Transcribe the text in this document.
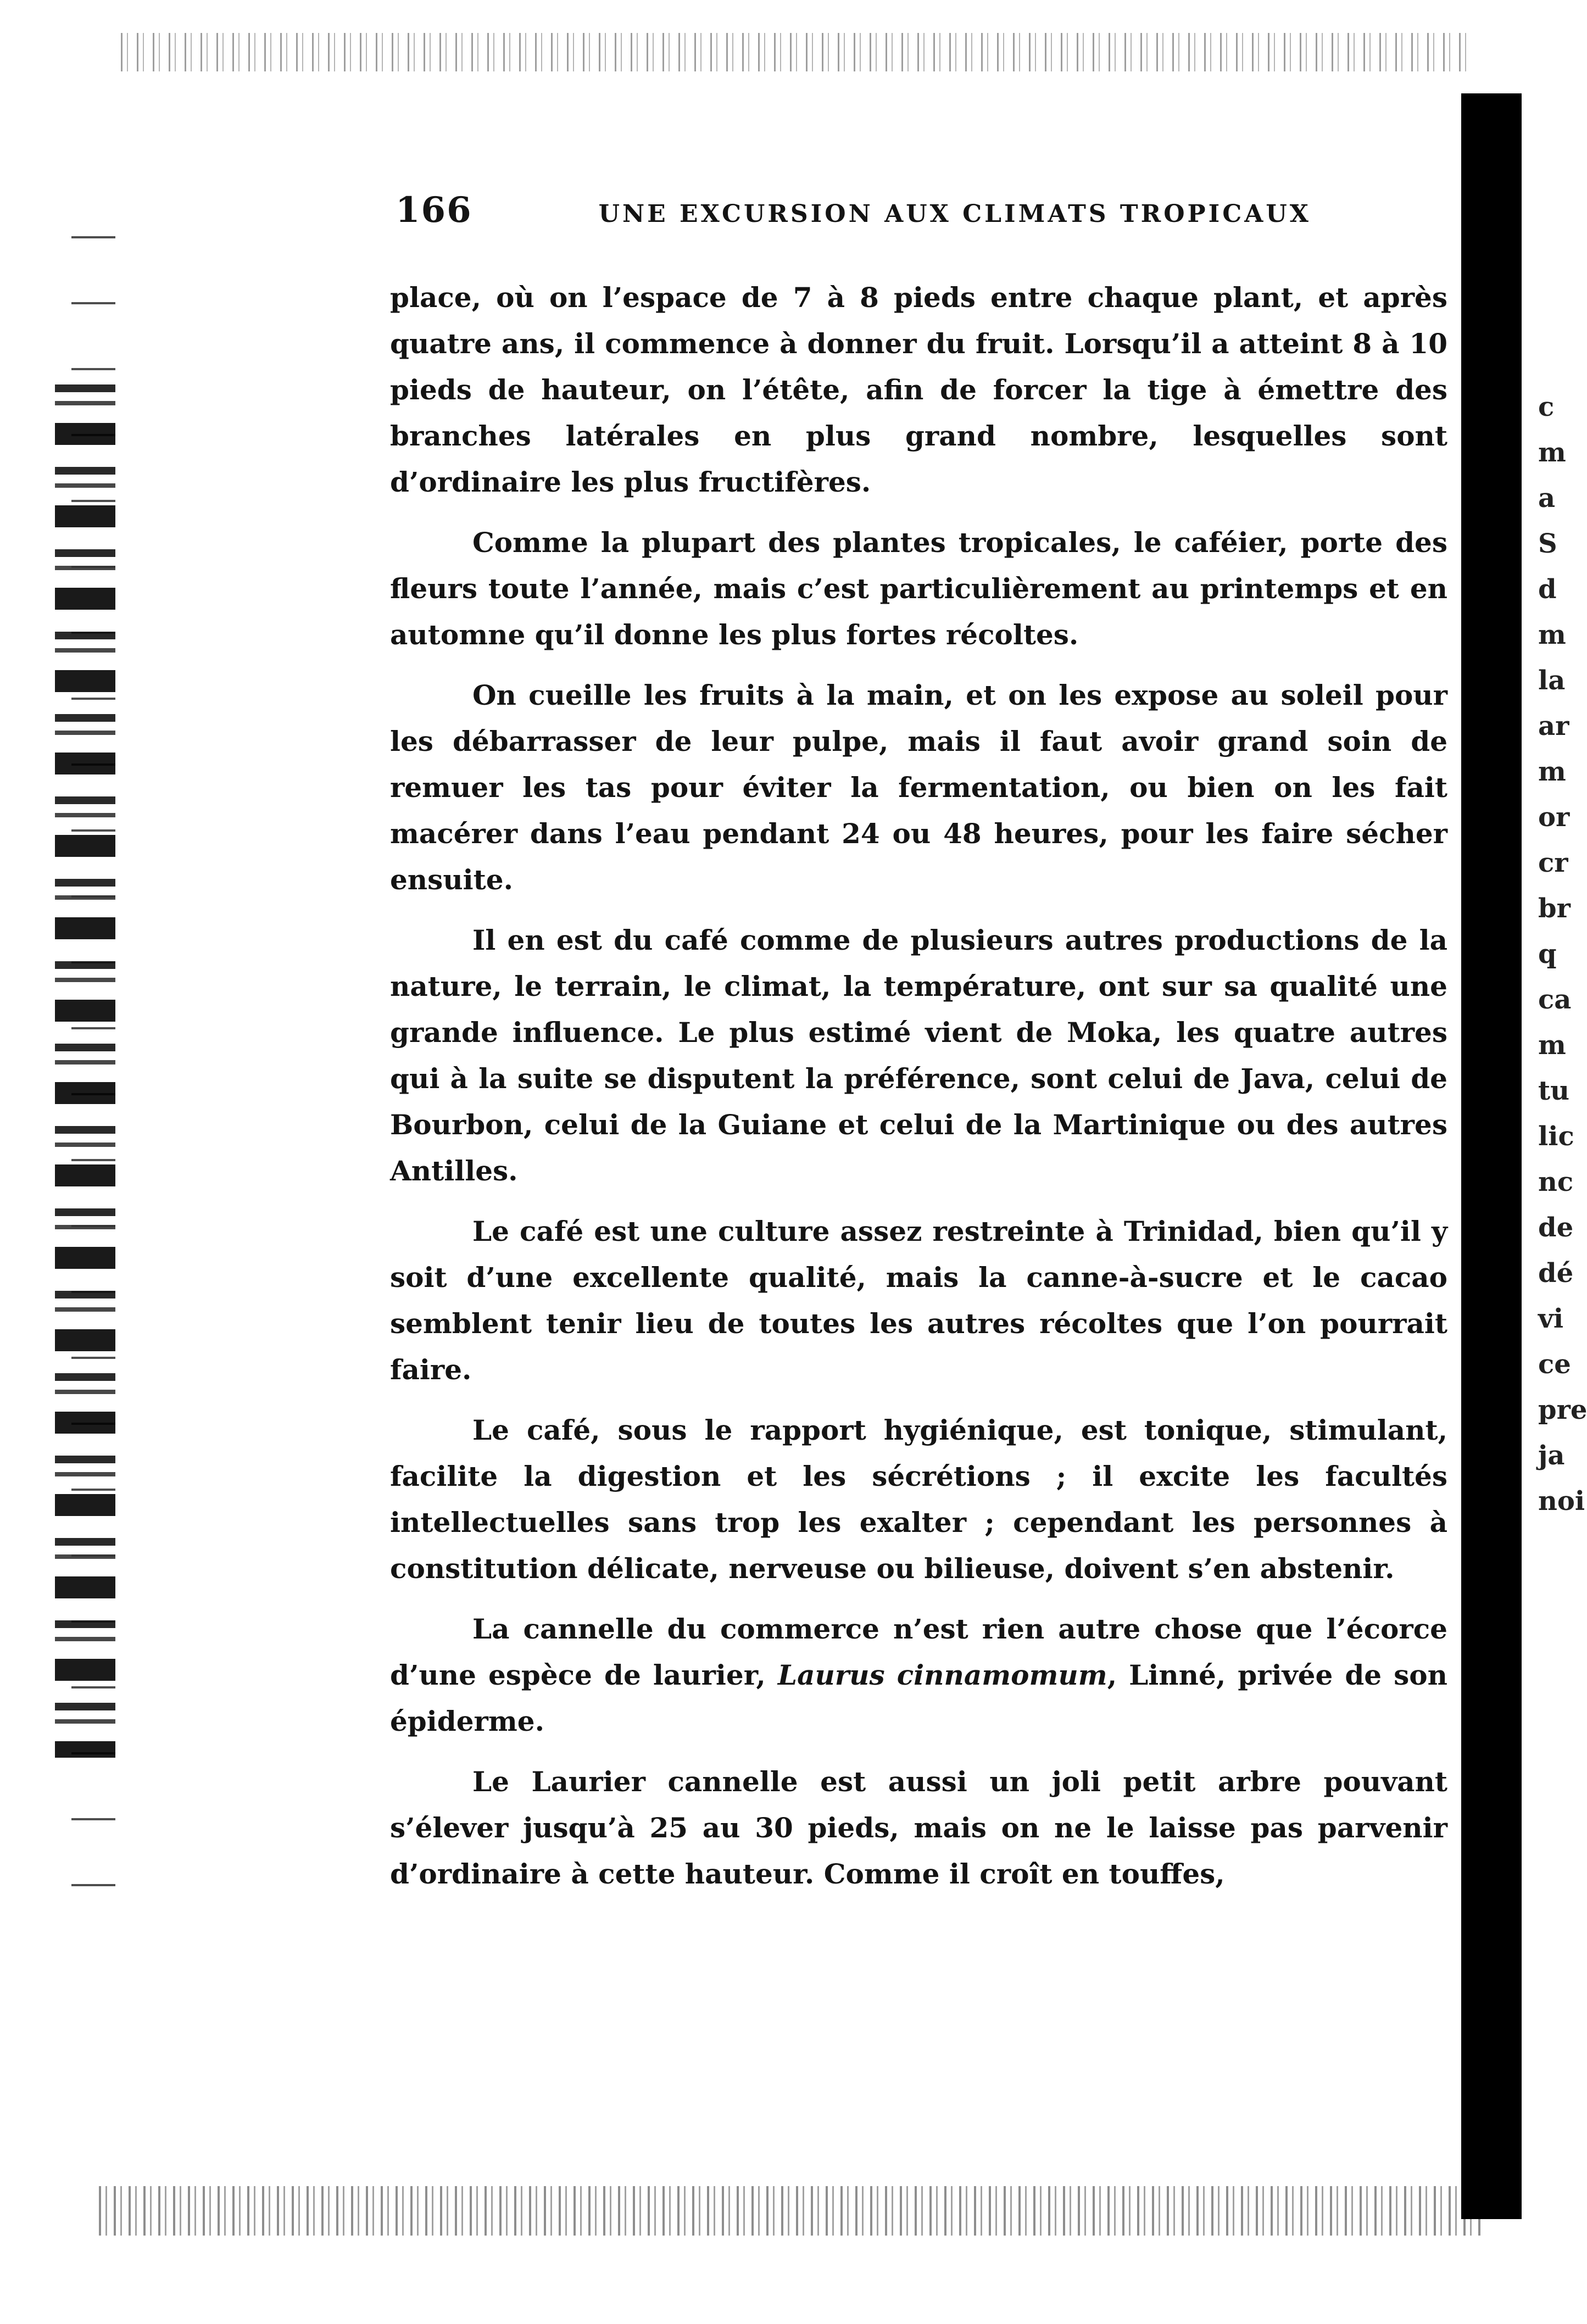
c
m
a
S
d
m
la
ar
m
or
cr
br
q
ca
m
tu
lic
nc
de
dé
vi
ce
pre
ja
noi
166	UNE EXCURSION AUX CLIMATS TROPICAUX

place, où on l’espace de 7 à 8 pieds entre chaque plant, et après quatre ans, il commence à donner du fruit. Lorsqu’il a atteint 8 à 10 pieds de hauteur, on l’étête, afin de forcer la tige à émettre des branches latérales en plus grand nombre, lesquelles sont d’ordinaire les plus fructifères.

Comme la plupart des plantes tropicales, le caféier, porte des fleurs toute l’année, mais c’est particulièrement au printemps et en automne qu’il donne les plus fortes récoltes.

On cueille les fruits à la main, et on les expose au soleil pour les débarrasser de leur pulpe, mais il faut avoir grand soin de remuer les tas pour éviter la fermentation, ou bien on les fait macérer dans l’eau pendant 24 ou 48 heures, pour les faire sécher ensuite.

Il en est du café comme de plusieurs autres productions de la nature, le terrain, le climat, la température, ont sur sa qualité une grande influence. Le plus estimé vient de Moka, les quatre autres qui à la suite se disputent la préférence, sont celui de Java, celui de Bourbon, celui de la Guiane et celui de la Martinique ou des autres Antilles.

Le café est une culture assez restreinte à Trinidad, bien qu’il y soit d’une excellente qualité, mais la canne-à-sucre et le cacao semblent tenir lieu de toutes les autres récoltes que l’on pourrait faire.

Le café, sous le rapport hygiénique, est tonique, stimulant, facilite la digestion et les sécrétions ; il excite les facultés intellectuelles sans trop les exalter ; cependant les personnes à constitution délicate, nerveuse ou bilieuse, doivent s’en abstenir.

La cannelle du commerce n’est rien autre chose que l’écorce d’une espèce de laurier, Laurus cinnamomum, Linné, privée de son épiderme.

Le Laurier cannelle est aussi un joli petit arbre pouvant s’élever jusqu’à 25 au 30 pieds, mais on ne le laisse pas parvenir d’ordinaire à cette hauteur. Comme il croît en touffes,
